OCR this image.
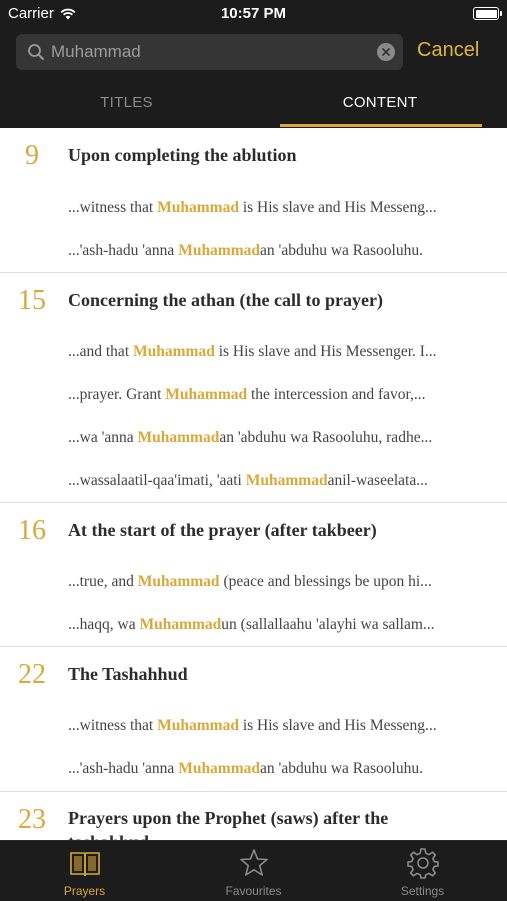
Carrier	10:57 PM
Muhammad
Cancel
TITLES	CONTENT
9	Upon completing the ablution
...witness that Muhammad is His slave and His Messeng...
...'ash-hadu 'anna Muhammadan 'abduhu wa Rasooluhu.
15	Concerning the athan (the call to prayer)
...and that Muhammad is His slave and His Messenger. I...
...prayer. Grant Muhammad the intercession and favor,...
...wa 'anna Muhammadan 'abduhu wa Rasooluhu, radhe...
...wassalaatil-qaa'imati, 'aati Muhammadanil-waseelata...
16	At the start of the prayer (after takbeer)
...true, and Muhammad (peace and blessings be upon hi...
...haqq, wa Muhammadun (sallallaahu 'alayhi wa sallam...
22	The Tashahhud
...witness that Muhammad is His slave and His Messeng...
...'ash-hadu 'anna Muhammadan 'abduhu wa Rasooluhu.
23	Prayers upon the Prophet (saws) after the
Prayers	Favourites	Settings
